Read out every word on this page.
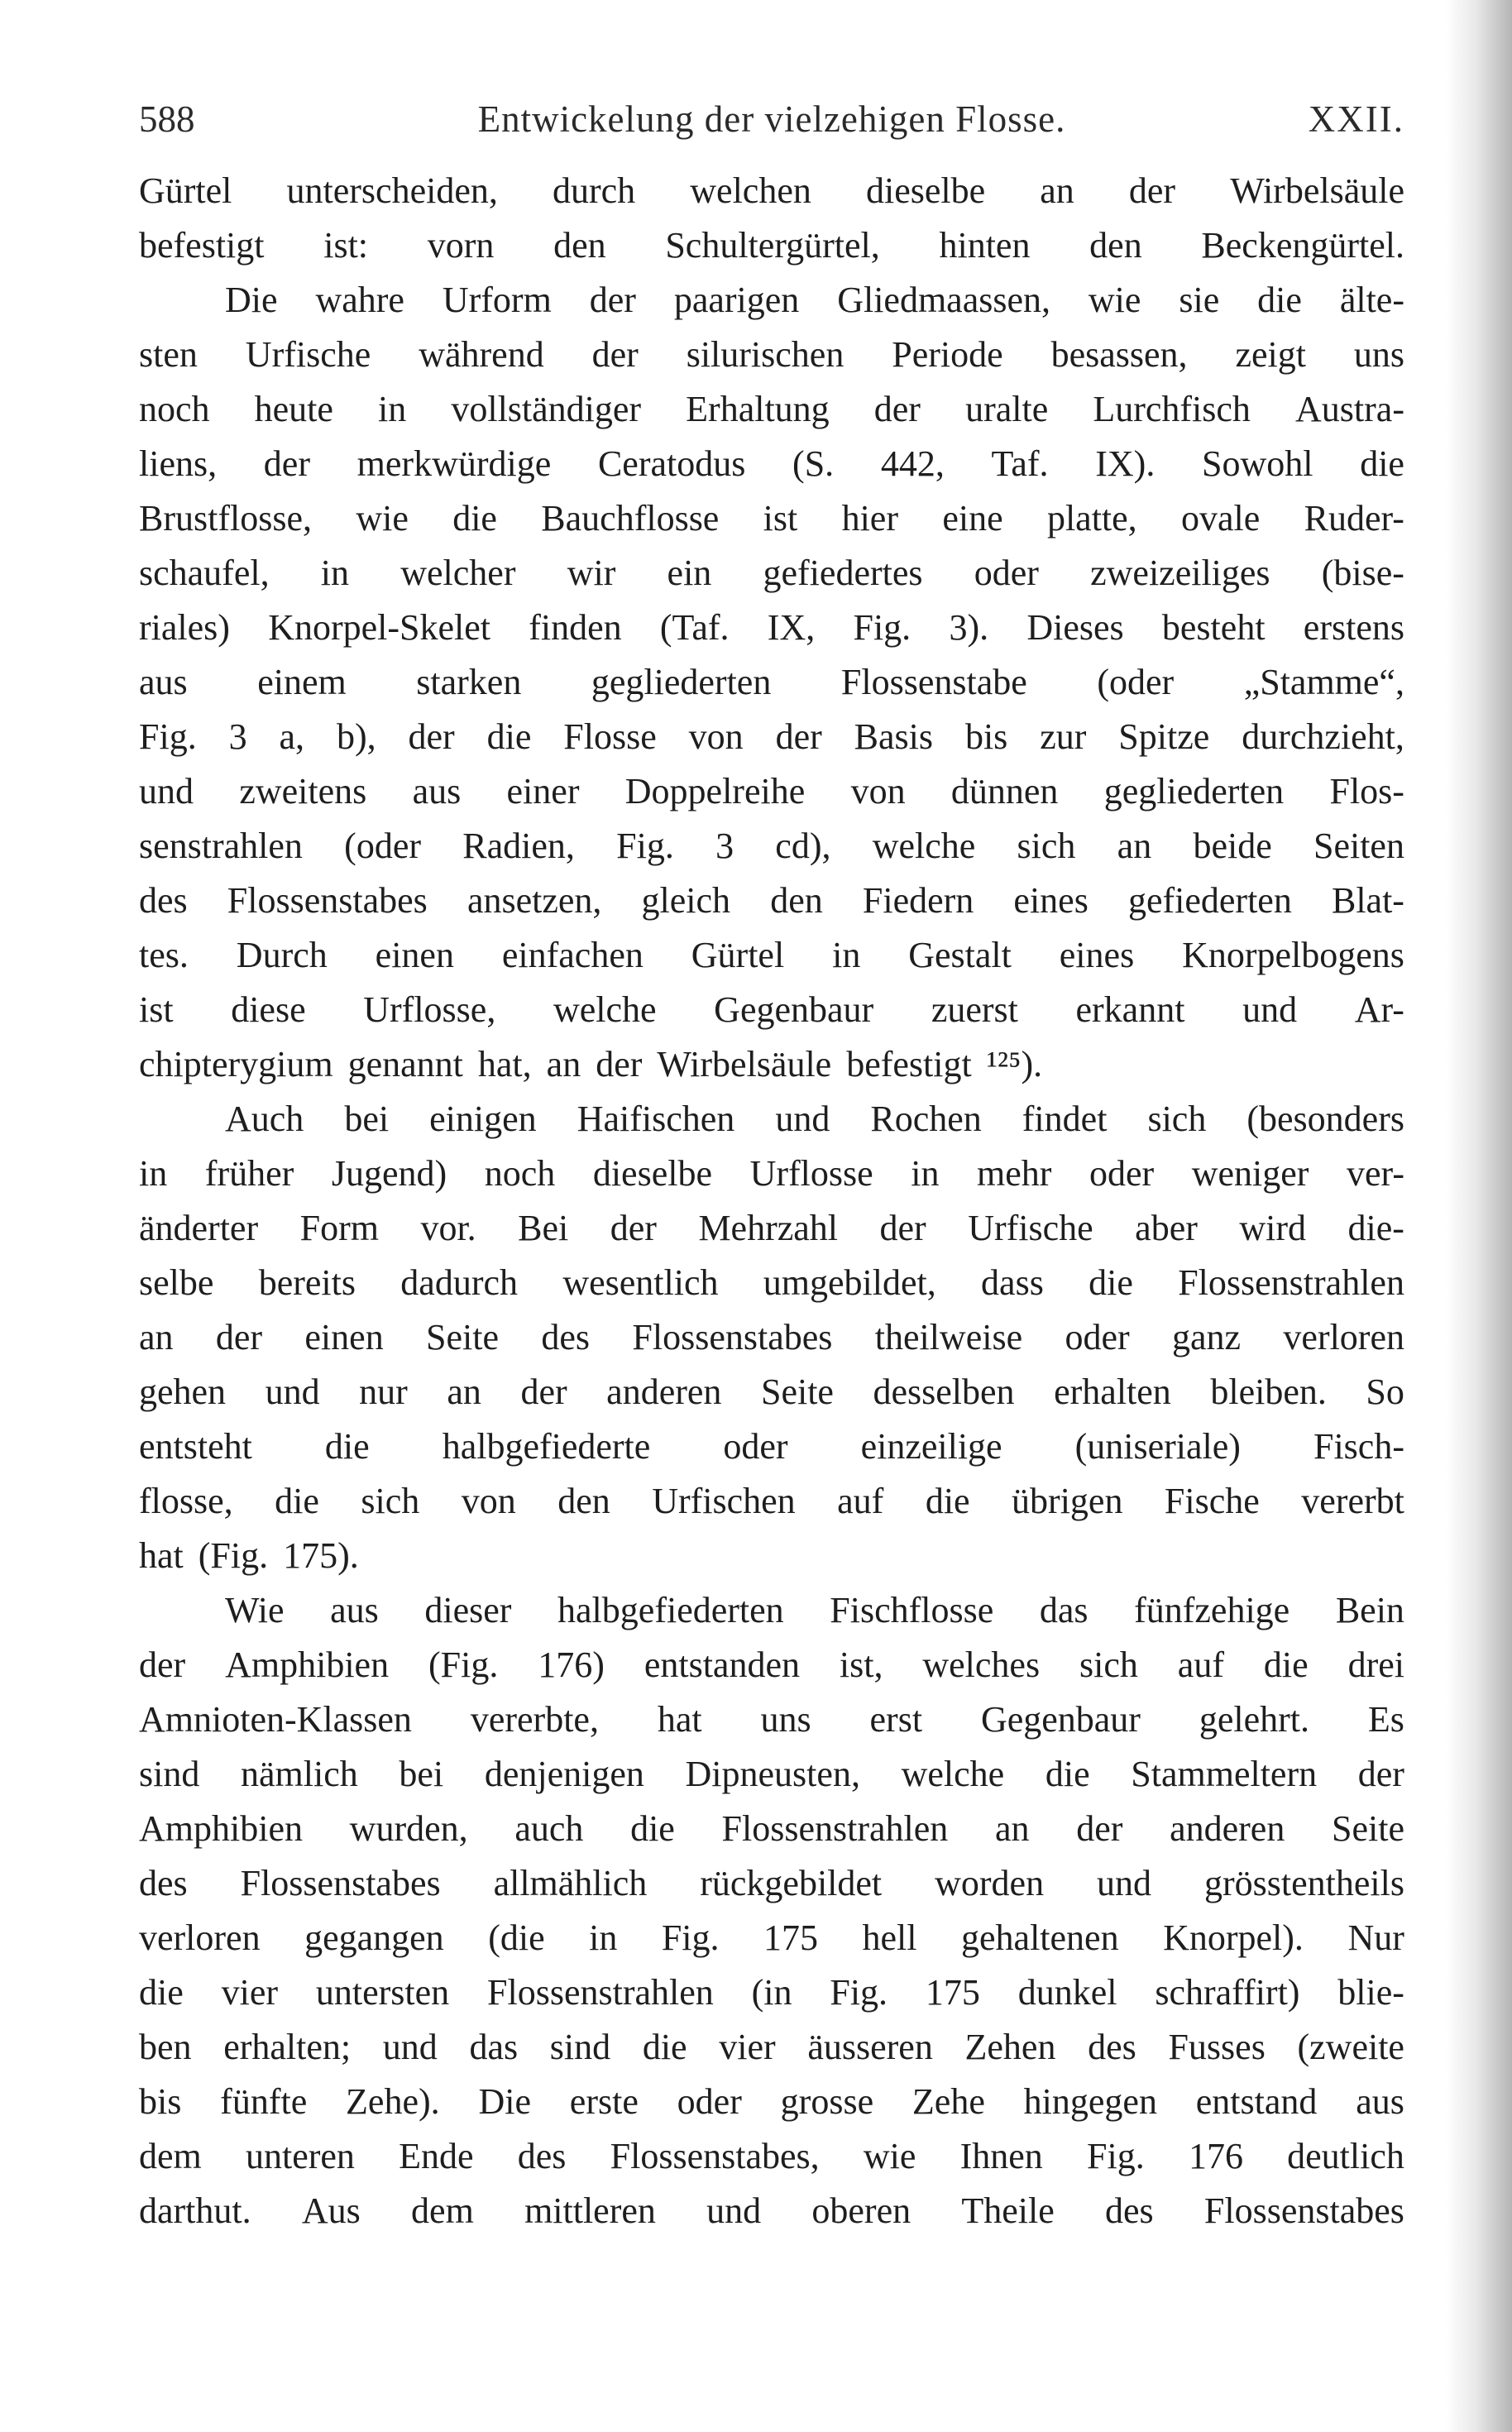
588	Entwickelung der vielzehigen Flosse.	XXII.
Gürtel unterscheiden, durch welchen dieselbe an der Wirbelsäule
befestigt ist: vorn den Schultergürtel, hinten den Beckengürtel.
Die wahre Urform der paarigen Gliedmaassen, wie sie die älte-
sten Urfische während der silurischen Periode besassen, zeigt uns
noch heute in vollständiger Erhaltung der uralte Lurchfisch Austra-
liens, der merkwürdige Ceratodus (S. 442, Taf. IX). Sowohl die
Brustflosse, wie die Bauchflosse ist hier eine platte, ovale Ruder-
schaufel, in welcher wir ein gefiedertes oder zweizeiliges (bise-
riales) Knorpel-Skelet finden (Taf. IX, Fig. 3). Dieses besteht erstens
aus einem starken gegliederten Flossenstabe (oder „Stamme“,
Fig. 3 a, b), der die Flosse von der Basis bis zur Spitze durchzieht,
und zweitens aus einer Doppelreihe von dünnen gegliederten Flos-
senstrahlen (oder Radien, Fig. 3 cd), welche sich an beide Seiten
des Flossenstabes ansetzen, gleich den Fiedern eines gefiederten Blat-
tes. Durch einen einfachen Gürtel in Gestalt eines Knorpelbogens
ist diese Urflosse, welche Gegenbaur zuerst erkannt und Ar-
chipterygium genannt hat, an der Wirbelsäule befestigt ¹²⁵).
Auch bei einigen Haifischen und Rochen findet sich (besonders
in früher Jugend) noch dieselbe Urflosse in mehr oder weniger ver-
änderter Form vor. Bei der Mehrzahl der Urfische aber wird die-
selbe bereits dadurch wesentlich umgebildet, dass die Flossenstrahlen
an der einen Seite des Flossenstabes theilweise oder ganz verloren
gehen und nur an der anderen Seite desselben erhalten bleiben. So
entsteht die halbgefiederte oder einzeilige (uniseriale) Fisch-
flosse, die sich von den Urfischen auf die übrigen Fische vererbt
hat (Fig. 175).
Wie aus dieser halbgefiederten Fischflosse das fünfzehige Bein
der Amphibien (Fig. 176) entstanden ist, welches sich auf die drei
Amnioten-Klassen vererbte, hat uns erst Gegenbaur gelehrt. Es
sind nämlich bei denjenigen Dipneusten, welche die Stammeltern der
Amphibien wurden, auch die Flossenstrahlen an der anderen Seite
des Flossenstabes allmählich rückgebildet worden und grösstentheils
verloren gegangen (die in Fig. 175 hell gehaltenen Knorpel). Nur
die vier untersten Flossenstrahlen (in Fig. 175 dunkel schraffirt) blie-
ben erhalten; und das sind die vier äusseren Zehen des Fusses (zweite
bis fünfte Zehe). Die erste oder grosse Zehe hingegen entstand aus
dem unteren Ende des Flossenstabes, wie Ihnen Fig. 176 deutlich
darthut. Aus dem mittleren und oberen Theile des Flossenstabes
